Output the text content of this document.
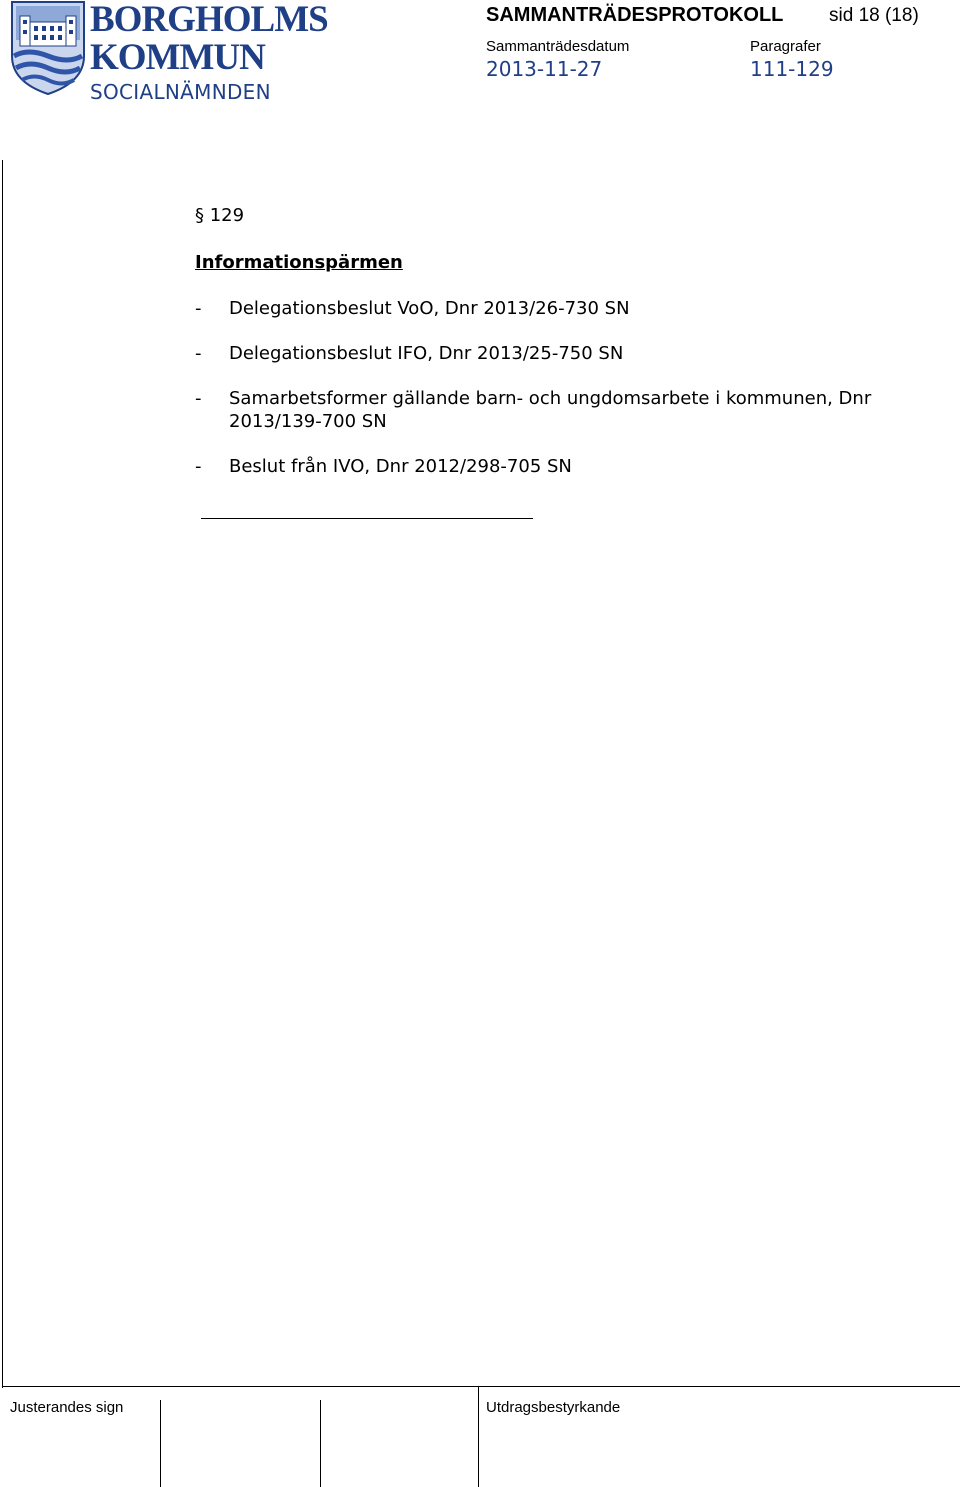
BORGHOLMS
KOMMUN
SOCIALNÄMNDEN
SAMMANTRÄDESPROTOKOLL sid 18 (18)
Sammanträdesdatum	Paragrafer
2013-11-27	111-129
§ 129
Informationspärmen
- Delegationsbeslut VoO, Dnr 2013/26-730 SN
- Delegationsbeslut IFO, Dnr 2013/25-750 SN
- Samarbetsformer gällande barn- och ungdomsarbete i kommunen, Dnr 2013/139-700 SN
- Beslut från IVO, Dnr 2012/298-705 SN
Justerandes sign	Utdragsbestyrkande
